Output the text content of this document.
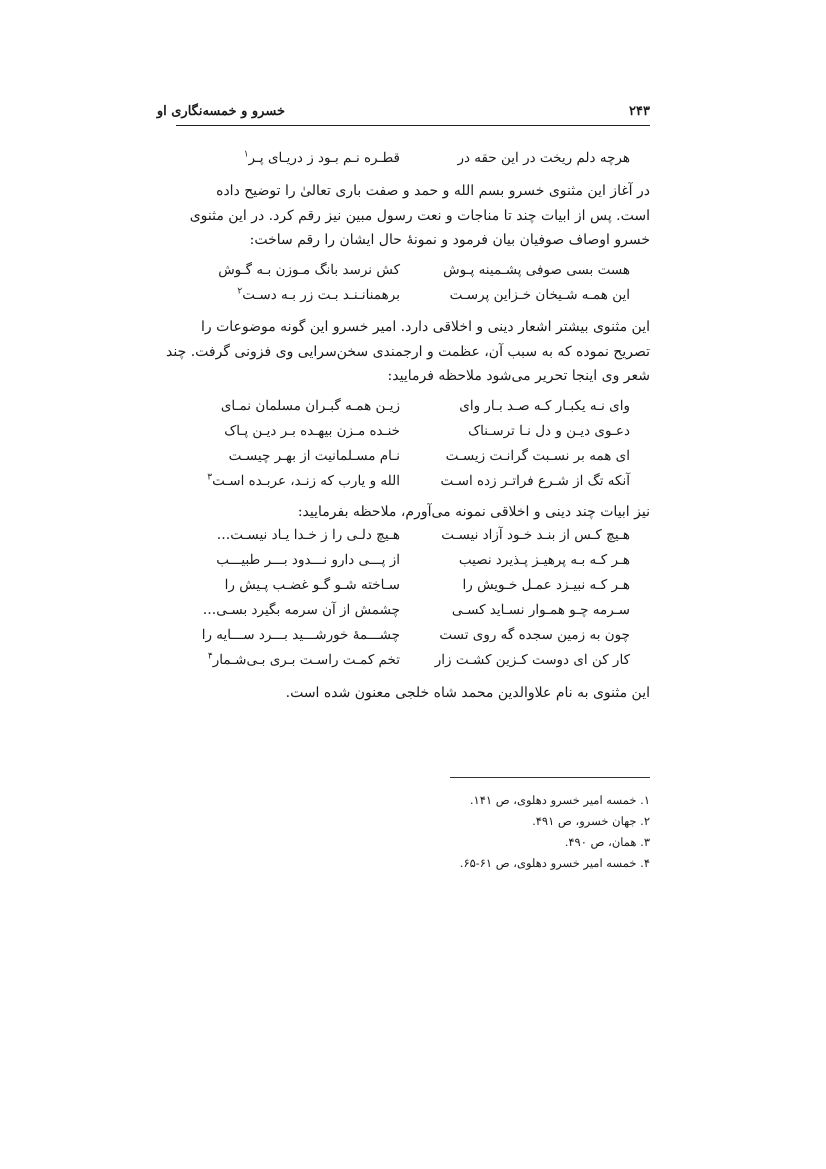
۲۴۳
خسرو و خمسه‌نگاری او
هرچه دلم ریخت در این حقه در
قطـره نـم بـود ز دریـای پـر$^۱$
در آغاز این مثنوی خسرو بسم الله و حمد و صفت باری تعالیٰ را توضیح داده
است. پس از ابیات چند تا مناجات و نعت رسول مبین نیز رقم کرد. در این مثنوی
خسرو اوصاف صوفیان بیان فرمود و نمونهٔ حال ایشان را رقم ساخت:
هست بسی صوفی پشـمینه پـوش
کش نرسد بانگ مـوزن بـه گـوش
این همـه شـیخان خـزاین پرسـت
برهمنانـنـد بـت زر بـه دسـت$^۲$
این مثنوی بیشتر اشعار دینی و اخلاقی دارد. امیر خسرو این گونه موضوعات را
تصریح نموده که به سبب آن، عظمت و ارجمندی سخن‌سرایی وی فزونی گرفت. چند
شعر وی اینجا تحریر می‌شود ملاحظه فرمایید:
وای نـه یکبـار کـه صـد بـار وای
زیـن همـه گبـران مسلمان نمـای
دعـوی دیـن و دل نـا ترسـناک
خنـده مـزن بیهـده بـر دیـن پـاک
ای همه بر نسـبت گرانـت زیسـت
نـام مسـلمانیت از بهـر چیسـت
آنکه تگ از شـرع فراتـر زده اسـت
الله و یارب که زنـد، عربـده اسـت$^۳$
نیز ابیات چند دینی و اخلاقی نمونه می‌آورم، ملاحظه بفرمایید:
هـیچ کـس از بنـد خـود آزاد نیسـت
هـیچ دلـی را ز خـدا یـاد نیسـت…
هـر کـه بـه پرهیـز پـذیرد نصیب
از پـــی دارو نـــدود بـــر طبیـــب
هـر کـه نبیـزد عمـل خـویش را
سـاخته شـو گـو غضـب پـیش را
سـرمه چـو همـوار نسـاید کسـی
چشمش از آن سرمه بگیرد بسـی…
چون به زمین سجده گه روی تست
چشـــمهٔ خورشـــید بـــرد ســـایه را
کار کن ای دوست کـزین کشـت زار
تخم کمـت راسـت بـری بـی‌شـمار$^۴$
این مثنوی به نام علاوالدین محمد شاه خلجی معنون شده است.
۱. خمسه امیر خسرو دهلوی، ص ۱۴۱.
۲. جهان خسرو، ص ۴۹۱.
۳. همان، ص ۴۹۰.
۴. خمسه امیر خسرو دهلوی، ص ۶۱-۶۵.
